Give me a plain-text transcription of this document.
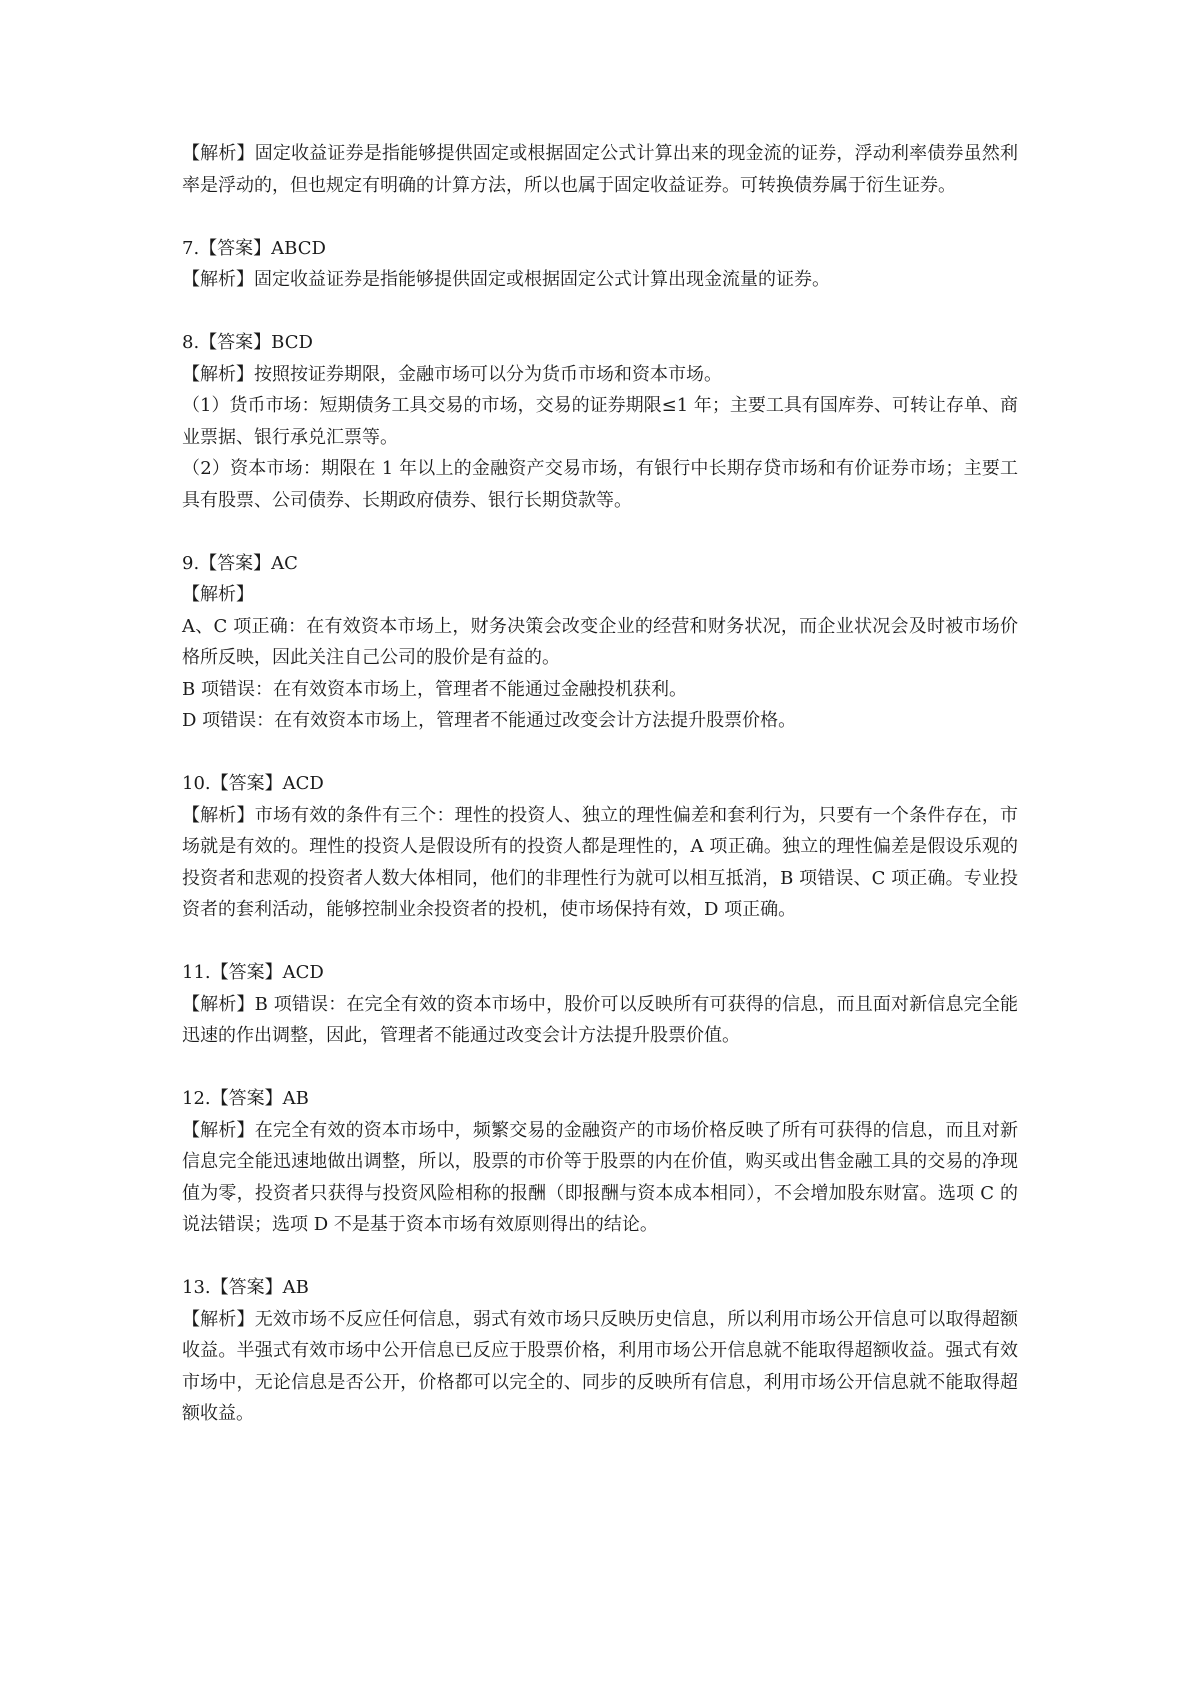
【解析】固定收益证券是指能够提供固定或根据固定公式计算出来的现金流的证券，浮动利率债券虽然利率是浮动的，但也规定有明确的计算方法，所以也属于固定收益证券。可转换债券属于衍生证券。
7.【答案】ABCD
【解析】固定收益证券是指能够提供固定或根据固定公式计算出现金流量的证券。
8.【答案】BCD
【解析】按照按证券期限，金融市场可以分为货币市场和资本市场。
（1）货币市场：短期债务工具交易的市场，交易的证券期限≤1 年；主要工具有国库券、可转让存单、商业票据、银行承兑汇票等。
（2）资本市场：期限在 1 年以上的金融资产交易市场，有银行中长期存贷市场和有价证券市场；主要工具有股票、公司债券、长期政府债券、银行长期贷款等。
9.【答案】AC
【解析】
A、C 项正确：在有效资本市场上，财务决策会改变企业的经营和财务状况，而企业状况会及时被市场价格所反映，因此关注自己公司的股价是有益的。
B 项错误：在有效资本市场上，管理者不能通过金融投机获利。
D 项错误：在有效资本市场上，管理者不能通过改变会计方法提升股票价格。
10.【答案】ACD
【解析】市场有效的条件有三个：理性的投资人、独立的理性偏差和套利行为，只要有一个条件存在，市场就是有效的。理性的投资人是假设所有的投资人都是理性的，A 项正确。独立的理性偏差是假设乐观的投资者和悲观的投资者人数大体相同，他们的非理性行为就可以相互抵消，B 项错误、C 项正确。专业投资者的套利活动，能够控制业余投资者的投机，使市场保持有效，D 项正确。
11.【答案】ACD
【解析】B 项错误：在完全有效的资本市场中，股价可以反映所有可获得的信息，而且面对新信息完全能迅速的作出调整，因此，管理者不能通过改变会计方法提升股票价值。
12.【答案】AB
【解析】在完全有效的资本市场中，频繁交易的金融资产的市场价格反映了所有可获得的信息，而且对新信息完全能迅速地做出调整，所以，股票的市价等于股票的内在价值，购买或出售金融工具的交易的净现值为零，投资者只获得与投资风险相称的报酬（即报酬与资本成本相同），不会增加股东财富。选项 C 的说法错误；选项 D 不是基于资本市场有效原则得出的结论。
13.【答案】AB
【解析】无效市场不反应任何信息，弱式有效市场只反映历史信息，所以利用市场公开信息可以取得超额收益。半强式有效市场中公开信息已反应于股票价格，利用市场公开信息就不能取得超额收益。强式有效市场中，无论信息是否公开，价格都可以完全的、同步的反映所有信息，利用市场公开信息就不能取得超额收益。
